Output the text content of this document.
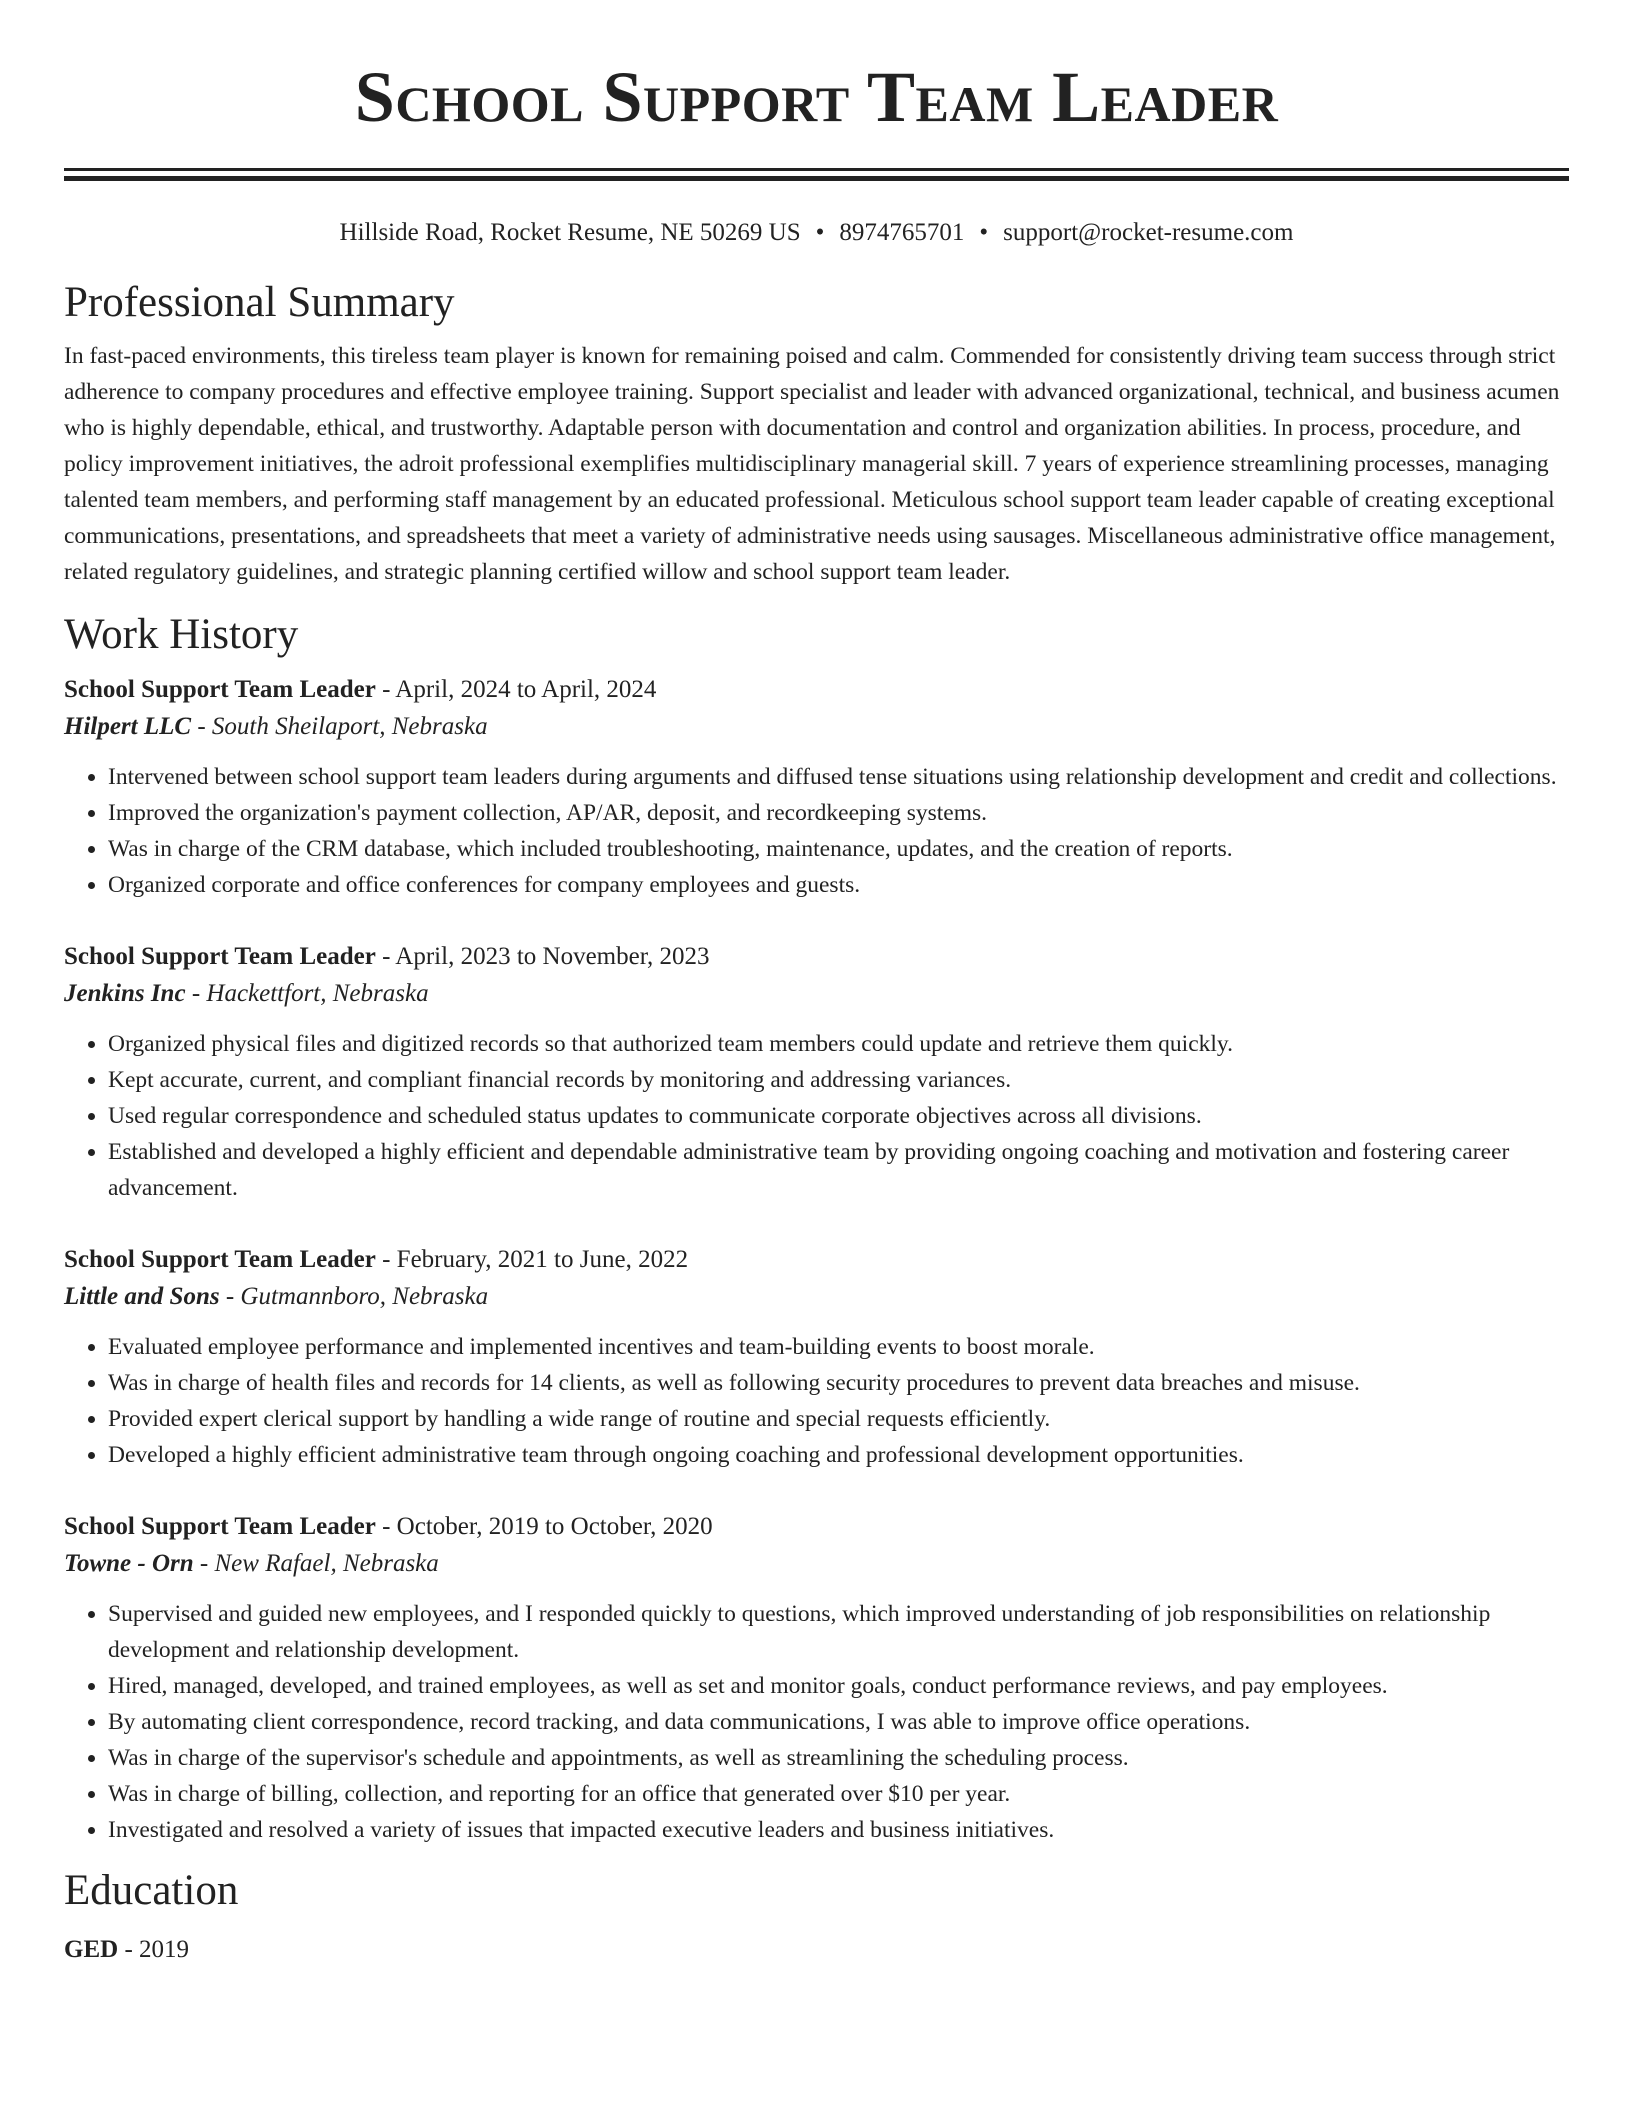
School Support Team Leader
Hillside Road, Rocket Resume, NE 50269 US • 8974765701 • support@rocket-resume.com
Professional Summary

In fast-paced environments, this tireless team player is known for remaining poised and calm. Commended for consistently driving team success through strict adherence to company procedures and effective employee training. Support specialist and leader with advanced organizational, technical, and business acumen who is highly dependable, ethical, and trustworthy. Adaptable person with documentation and control and organization abilities. In process, procedure, and policy improvement initiatives, the adroit professional exemplifies multidisciplinary managerial skill. 7 years of experience streamlining processes, managing talented team members, and performing staff management by an educated professional. Meticulous school support team leader capable of creating exceptional communications, presentations, and spreadsheets that meet a variety of administrative needs using sausages. Miscellaneous administrative office management, related regulatory guidelines, and strategic planning certified willow and school support team leader.

Work History
School Support Team Leader - April, 2024 to April, 2024
Hilpert LLC - South Sheilaport, Nebraska
• Intervened between school support team leaders during arguments and diffused tense situations using relationship development and credit and collections.
• Improved the organization's payment collection, AP/AR, deposit, and recordkeeping systems.
• Was in charge of the CRM database, which included troubleshooting, maintenance, updates, and the creation of reports.
• Organized corporate and office conferences for company employees and guests.
School Support Team Leader - April, 2023 to November, 2023
Jenkins Inc - Hackettfort, Nebraska
• Organized physical files and digitized records so that authorized team members could update and retrieve them quickly.
• Kept accurate, current, and compliant financial records by monitoring and addressing variances.
• Used regular correspondence and scheduled status updates to communicate corporate objectives across all divisions.
• Established and developed a highly efficient and dependable administrative team by providing ongoing coaching and motivation and fostering career advancement.
School Support Team Leader - February, 2021 to June, 2022
Little and Sons - Gutmannboro, Nebraska
• Evaluated employee performance and implemented incentives and team-building events to boost morale.
• Was in charge of health files and records for 14 clients, as well as following security procedures to prevent data breaches and misuse.
• Provided expert clerical support by handling a wide range of routine and special requests efficiently.
• Developed a highly efficient administrative team through ongoing coaching and professional development opportunities.
School Support Team Leader - October, 2019 to October, 2020
Towne - Orn - New Rafael, Nebraska
• Supervised and guided new employees, and I responded quickly to questions, which improved understanding of job responsibilities on relationship development and relationship development.
• Hired, managed, developed, and trained employees, as well as set and monitor goals, conduct performance reviews, and pay employees.
• By automating client correspondence, record tracking, and data communications, I was able to improve office operations.
• Was in charge of the supervisor's schedule and appointments, as well as streamlining the scheduling process.
• Was in charge of billing, collection, and reporting for an office that generated over $10 per year.
• Investigated and resolved a variety of issues that impacted executive leaders and business initiatives.
Education
GED - 2019
